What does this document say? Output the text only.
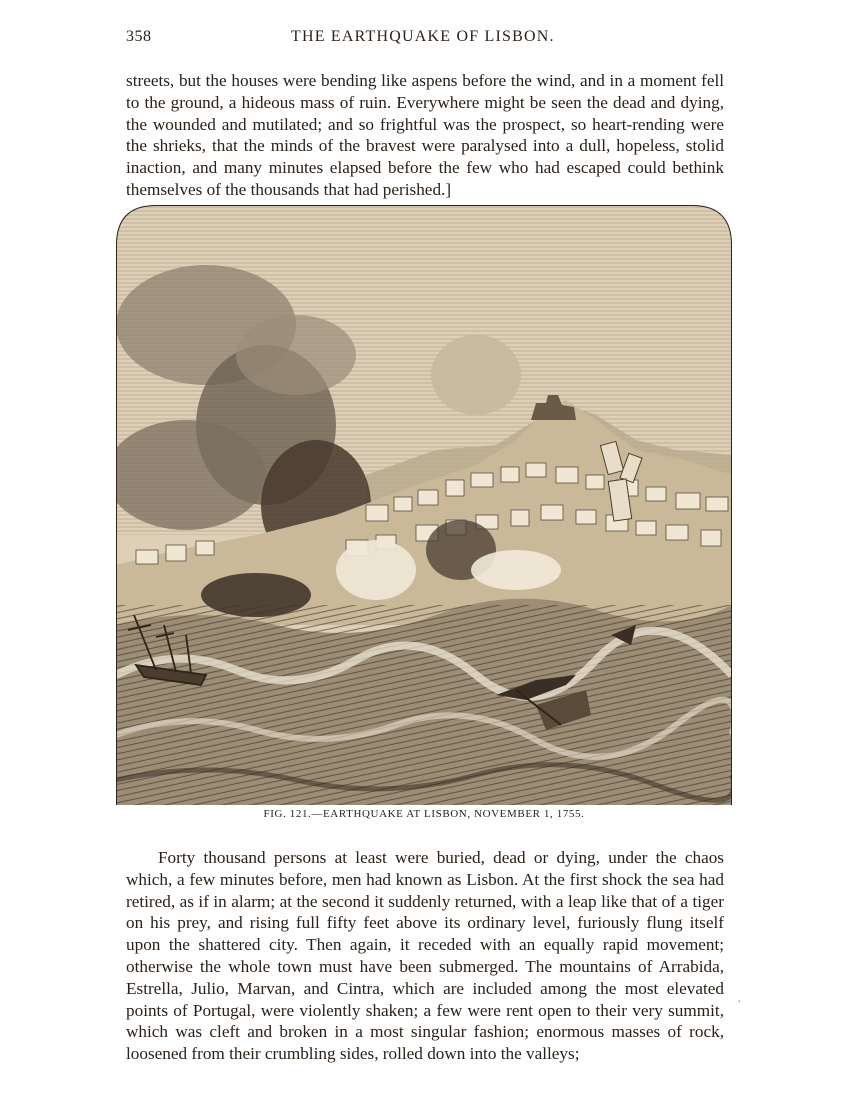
358	THE EARTHQUAKE OF LISBON.
streets, but the houses were bending like aspens before the wind, and in a moment fell to the ground, a hideous mass of ruin. Everywhere might be seen the dead and dying, the wounded and mutilated; and so frightful was the prospect, so heart-rending were the shrieks, that the minds of the bravest were paralysed into a dull, hopeless, stolid inaction, and many minutes elapsed before the few who had escaped could bethink themselves of the thousands that had perished.]
FIG. 121.—EARTHQUAKE AT LISBON, NOVEMBER 1, 1755.
Forty thousand persons at least were buried, dead or dying, under the chaos which, a few minutes before, men had known as Lisbon. At the first shock the sea had retired, as if in alarm; at the second it suddenly returned, with a leap like that of a tiger on his prey, and rising full fifty feet above its ordinary level, furiously flung itself upon the shattered city. Then again, it receded with an equally rapid movement; otherwise the whole town must have been submerged. The mountains of Arrabida, Estrella, Julio, Marvan, and Cintra, which are included among the most elevated points of Portugal, were violently shaken; a few were rent open to their very summit, which was cleft and broken in a most singular fashion; enormous masses of rock, loosened from their crumbling sides, rolled down into the valleys;
·
